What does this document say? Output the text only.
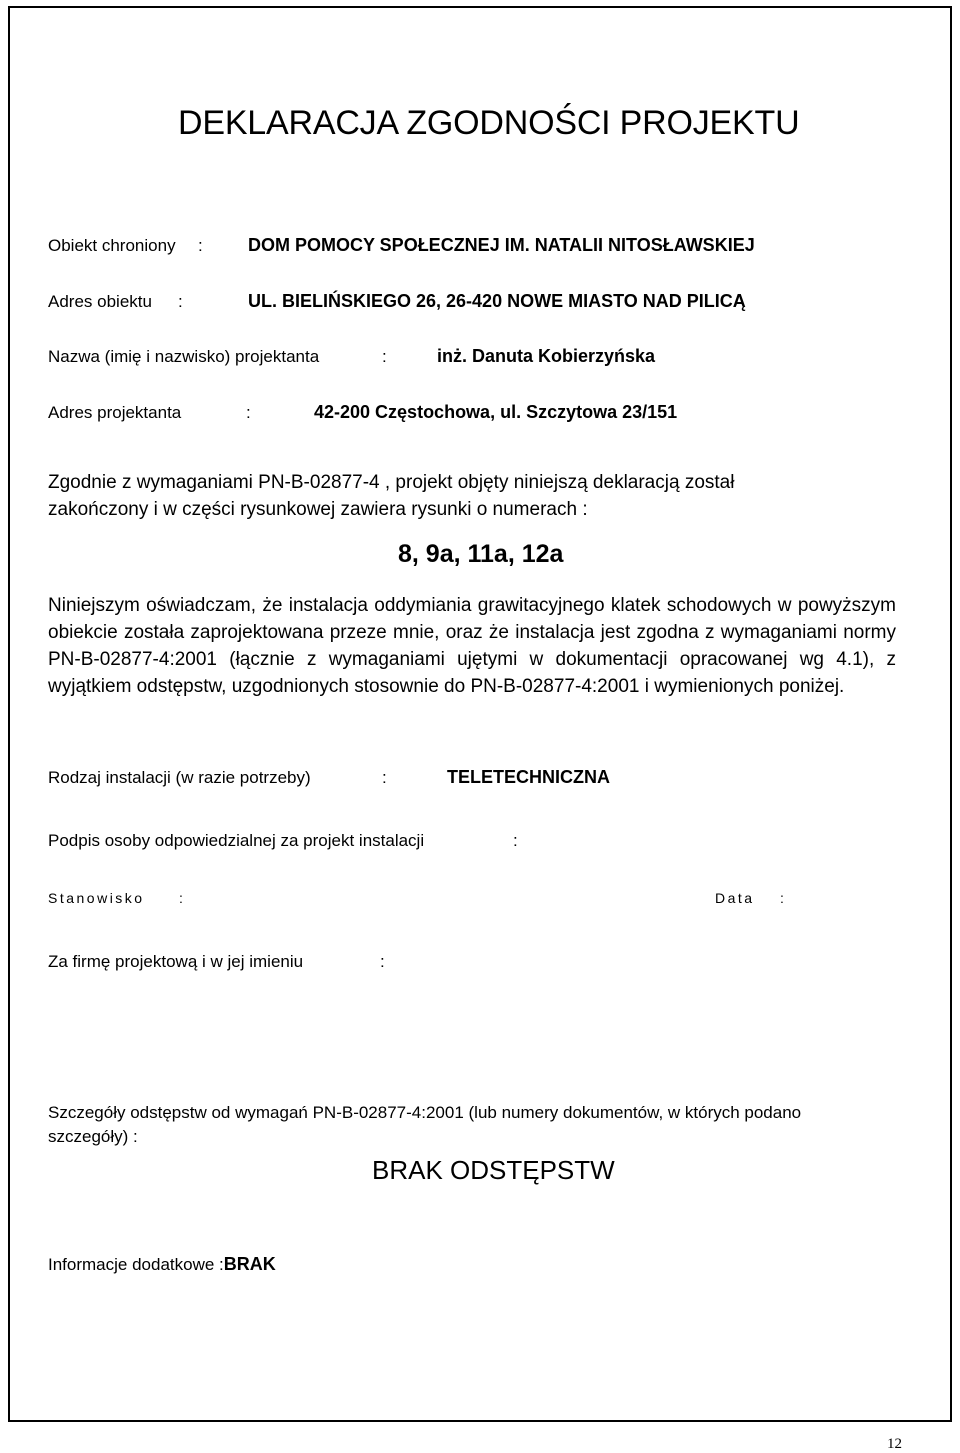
DEKLARACJA ZGODNOŚCI PROJEKTU
Obiekt chroniony :	DOM POMOCY SPOŁECZNEJ IM. NATALII NITOSŁAWSKIEJ
Adres obiektu :	UL. BIELIŃSKIEGO 26, 26-420 NOWE MIASTO NAD PILICĄ
Nazwa (imię i nazwisko) projektanta	:	inż. Danuta Kobierzyńska
Adres projektanta	:	42-200 Częstochowa, ul. Szczytowa 23/151
Zgodnie z wymaganiami PN-B-02877-4 , projekt objęty niniejszą deklaracją został
zakończony i w części rysunkowej zawiera rysunki o numerach :
8, 9a, 11a, 12a
Niniejszym oświadczam, że instalacja oddymiania grawitacyjnego klatek schodowych w powyższym obiekcie została zaprojektowana przeze mnie, oraz że instalacja jest zgodna z wymaganiami normy PN-B-02877-4:2001 (łącznie z wymaganiami ujętymi w dokumentacji opracowanej wg 4.1), z wyjątkiem odstępstw, uzgodnionych stosownie do PN-B-02877-4:2001 i wymienionych poniżej.
Rodzaj instalacji (w razie potrzeby)	:	TELETECHNICZNA
Podpis osoby odpowiedzialnej za projekt instalacji	:
Stanowisko :	Data :
Za firmę projektową i w jej imieniu	:
Szczegóły odstępstw od wymagań PN-B-02877-4:2001 (lub numery dokumentów, w których podano
szczegóły) :
BRAK ODSTĘPSTW
Informacje dodatkowe :BRAK
12
